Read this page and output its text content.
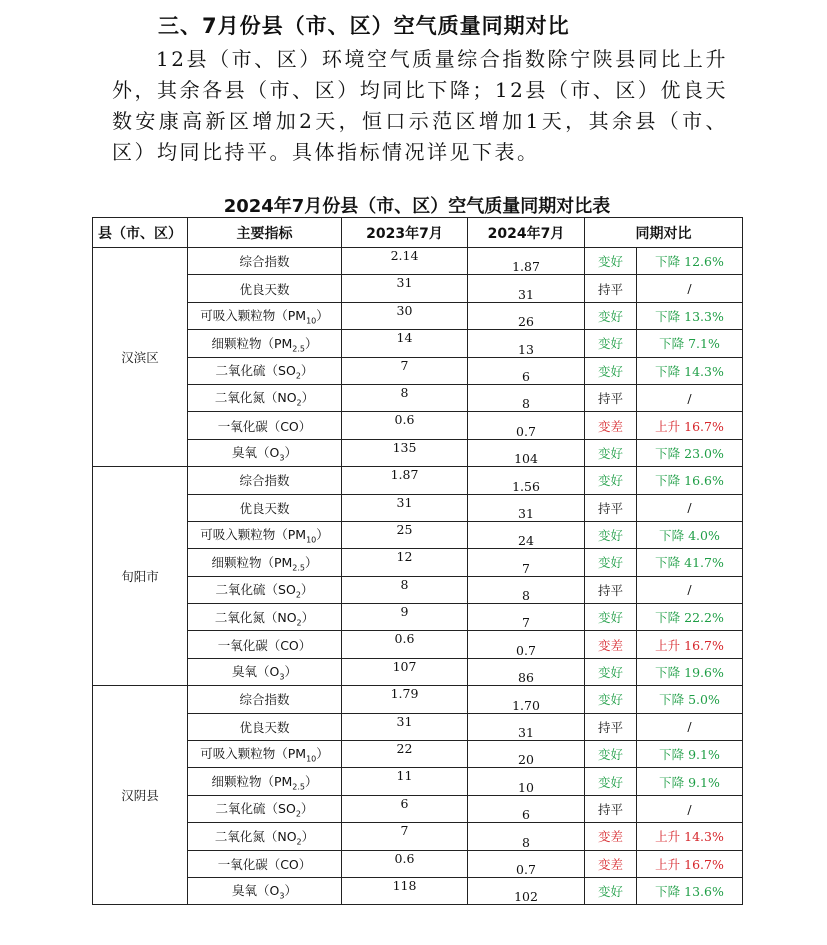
三、7月份县（市、区）空气质量同期对比

12县（市、区）环境空气质量综合指数除宁陕县同比上升外，其余各县（市、区）均同比下降；12县（市、区）优良天数安康高新区增加2天，恒口示范区增加1天，其余县（市、区）均同比持平。具体指标情况详见下表。

2024年7月份县（市、区）空气质量同期对比表
县（市、区）	主要指标	2023年7月	2024年7月	同期对比	
汉滨区	综合指数	2.14	1.87	变好	下降 12.6%
	优良天数	31	31	持平	/
	可吸入颗粒物$(PM_{10})$	30	26	变好	下降 13.3%
	细颗粒物$(PM_{2.5})$	14	13	变好	下降 7.1%
	二氧化硫$(SO_2)$	7	6	变好	下降 14.3%
	二氧化氮$(NO_2)$	8	8	持平	/
	一氧化碳（CO）	0.6	0.7	变差	上升 16.7%
	臭氧$(O_3)$	135	104	变好	下降 23.0%
旬阳市	综合指数	1.87	1.56	变好	下降 16.6%
	优良天数	31	31	持平	/
	可吸入颗粒物$(PM_{10})$	25	24	变好	下降 4.0%
	细颗粒物$(PM_{2.5})$	12	7	变好	下降 41.7%
	二氧化硫$(SO_2)$	8	8	持平	/
	二氧化氮$(NO_2)$	9	7	变好	下降 22.2%
	一氧化碳（CO）	0.6	0.7	变差	上升 16.7%
	臭氧$(O_3)$	107	86	变好	下降 19.6%
汉阴县	综合指数	1.79	1.70	变好	下降 5.0%
	优良天数	31	31	持平	/
	可吸入颗粒物$(PM_{10})$	22	20	变好	下降 9.1%
	细颗粒物$(PM_{2.5})$	11	10	变好	下降 9.1%
	二氧化硫$(SO_2)$	6	6	持平	/
	二氧化氮$(NO_2)$	7	8	变差	上升 14.3%
	一氧化碳（CO）	0.6	0.7	变差	上升 16.7%
	臭氧$(O_3)$	118	102	变好	下降 13.6%
